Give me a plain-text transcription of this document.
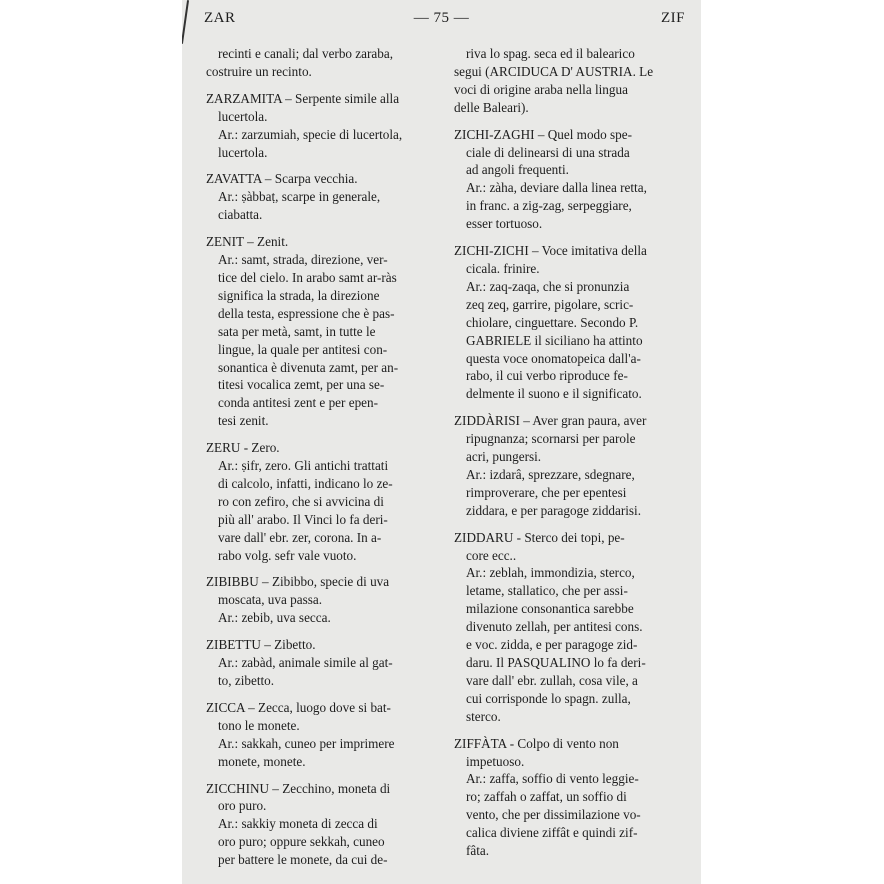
ZAR	— 75 —	ZIF
recinti e canali; dal verbo zaraba,
costruire un recinto.
ZARZAMITA – Serpente simile alla
lucertola.
Ar.: zarzumiah, specie di lucertola,
lucertola.
ZAVATTA – Scarpa vecchia.
Ar.: ṣàbbaṭ, scarpe in generale,
ciabatta.
ZENIT – Zenit.
Ar.: samt, strada, direzione, ver-
tice del cielo. In arabo samt ar-ràs
significa la strada, la direzione
della testa, espressione che è pas-
sata per metà, samt, in tutte le
lingue, la quale per antitesi con-
sonantica è divenuta zamt, per an-
titesi vocalica zemt, per una se-
conda antitesi zent e per epen-
tesi zenit.
ZERU - Zero.
Ar.: ṣifr, zero. Gli antichi trattati
di calcolo, infatti, indicano lo ze-
ro con zefiro, che si avvicina di
più all' arabo. Il Vinci lo fa deri-
vare dall' ebr. zer, corona. In a-
rabo volg. sefr vale vuoto.
ZIBIBBU – Zibibbo, specie di uva
moscata, uva passa.
Ar.: zebib, uva secca.
ZIBETTU – Zibetto.
Ar.: zabàd, animale simile al gat-
to, zibetto.
ZICCA – Zecca, luogo dove si bat-
tono le monete.
Ar.: sakkah, cuneo per imprimere
monete, monete.
ZICCHINU – Zecchino, moneta di
oro puro.
Ar.: sakkiy moneta di zecca di
oro puro; oppure sekkah, cuneo
per battere le monete, da cui de-
riva lo spag. seca ed il balearico
segui (ARCIDUCA D' AUSTRIA. Le
voci di origine araba nella lingua
delle Baleari).
ZICHI-ZAGHI – Quel modo spe-
ciale di delinearsi di una strada
ad angoli frequenti.
Ar.: zàha, deviare dalla linea retta,
in franc. a zig-zag, serpeggiare,
esser tortuoso.
ZICHI-ZICHI – Voce imitativa della
cicala. frinire.
Ar.: zaq-zaqa, che si pronunzia
zeq zeq, garrire, pigolare, scric-
chiolare, cinguettare. Secondo P.
GABRIELE il siciliano ha attinto
questa voce onomatopeica dall'a-
rabo, il cui verbo riproduce fe-
delmente il suono e il significato.
ZIDDÀRISI – Aver gran paura, aver
ripugnanza; scornarsi per parole
acri, pungersi.
Ar.: izdarâ, sprezzare, sdegnare,
rimproverare, che per epentesi
ziddara, e per paragoge ziddarisi.
ZIDDARU - Sterco dei topi, pe-
core ecc..
Ar.: zeblah, immondizia, sterco,
letame, stallatico, che per assi-
milazione consonantica sarebbe
divenuto zellah, per antitesi cons.
e voc. zidda, e per paragoge zid-
daru. Il PASQUALINO lo fa deri-
vare dall' ebr. zullah, cosa vile, a
cui corrisponde lo spagn. zulla,
sterco.
ZIFFÀTA - Colpo di vento non
impetuoso.
Ar.: zaffa, soffio di vento leggie-
ro; zaffah o zaffat, un soffio di
vento, che per dissimilazione vo-
calica diviene ziffât e quindi zif-
fâta.
